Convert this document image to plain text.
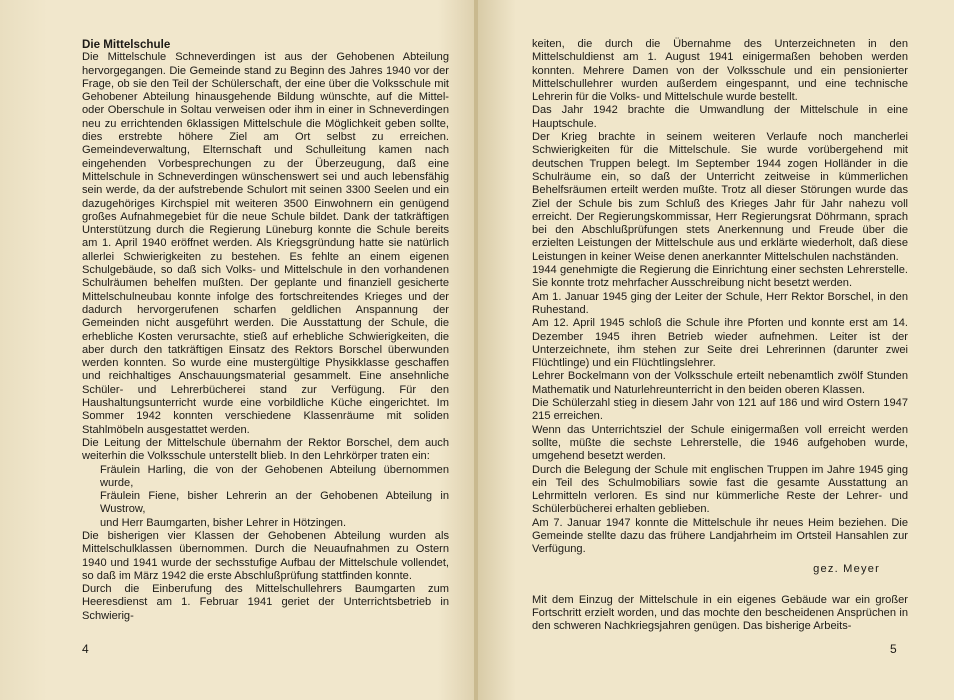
Die Mittelschule

Die Mittelschule Schneverdingen ist aus der Gehobenen Abteilung hervorgegangen. Die Gemeinde stand zu Beginn des Jahres 1940 vor der Frage, ob sie den Teil der Schülerschaft, der eine über die Volksschule mit Gehobener Abteilung hinausgehende Bildung wünschte, auf die Mittel- oder Oberschule in Soltau verweisen oder ihm in einer in Schneverdingen neu zu errichtenden 6klassigen Mittelschule die Möglichkeit geben sollte, dies erstrebte höhere Ziel am Ort selbst zu erreichen. Gemeindeverwaltung, Elternschaft und Schulleitung kamen nach eingehenden Vorbesprechungen zu der Überzeugung, daß eine Mittelschule in Schneverdingen wünschenswert sei und auch lebensfähig sein werde, da der aufstrebende Schulort mit seinen 3300 Seelen und ein dazugehöriges Kirchspiel mit weiteren 3500 Einwohnern ein genügend großes Aufnahmegebiet für die neue Schule bildet. Dank der tatkräftigen Unterstützung durch die Regierung Lüneburg konnte die Schule bereits am 1. April 1940 eröffnet werden. Als Kriegsgründung hatte sie natürlich allerlei Schwierigkeiten zu bestehen. Es fehlte an einem eigenen Schulgebäude, so daß sich Volks- und Mittelschule in den vorhandenen Schulräumen behelfen mußten. Der geplante und finanziell gesicherte Mittelschulneubau konnte infolge des fortschreitendes Krieges und der dadurch hervorgerufenen scharfen geldlichen Anspannung der Gemeinden nicht ausgeführt werden. Die Ausstattung der Schule, die erhebliche Kosten verursachte, stieß auf erhebliche Schwierigkeiten, die aber durch den tatkräftigen Einsatz des Rektors Borschel überwunden werden konnten. So wurde eine mustergültige Physikklasse geschaffen und reichhaltiges Anschauungsmaterial gesammelt. Eine ansehnliche Schüler- und Lehrerbücherei stand zur Verfügung. Für den Haushaltungsunterricht wurde eine vorbildliche Küche eingerichtet. Im Sommer 1942 konnten verschiedene Klassenräume mit soliden Stahlmöbeln ausgestattet werden.

Die Leitung der Mittelschule übernahm der Rektor Borschel, dem auch weiterhin die Volksschule unterstellt blieb. In den Lehrkörper traten ein:

Fräulein Harling, die von der Gehobenen Abteilung übernommen wurde,

Fräulein Fiene, bisher Lehrerin an der Gehobenen Abteilung in Wustrow,

und Herr Baumgarten, bisher Lehrer in Hötzingen.

Die bisherigen vier Klassen der Gehobenen Abteilung wurden als Mittelschulklassen übernommen. Durch die Neuaufnahmen zu Ostern 1940 und 1941 wurde der sechsstufige Aufbau der Mittelschule vollendet, so daß im März 1942 die erste Abschlußprüfung stattfinden konnte.

Durch die Einberufung des Mittelschullehrers Baumgarten zum Heeresdienst am 1. Februar 1941 geriet der Unterrichtsbetrieb in Schwierig-

4

keiten, die durch die Übernahme des Unterzeichneten in den Mittelschuldienst am 1. August 1941 einigermaßen behoben werden konnten. Mehrere Damen von der Volksschule und ein pensionierter Mittelschullehrer wurden außerdem eingespannt, und eine technische Lehrerin für die Volks- und Mittelschule wurde bestellt.

Das Jahr 1942 brachte die Umwandlung der Mittelschule in eine Hauptschule.

Der Krieg brachte in seinem weiteren Verlaufe noch mancherlei Schwierigkeiten für die Mittelschule. Sie wurde vorübergehend mit deutschen Truppen belegt. Im September 1944 zogen Holländer in die Schulräume ein, so daß der Unterricht zeitweise in kümmerlichen Behelfsräumen erteilt werden mußte. Trotz all dieser Störungen wurde das Ziel der Schule bis zum Schluß des Krieges Jahr für Jahr nahezu voll erreicht. Der Regierungskommissar, Herr Regierungsrat Döhrmann, sprach bei den Abschlußprüfungen stets Anerkennung und Freude über die erzielten Leistungen der Mittelschule aus und erklärte wiederholt, daß diese Leistungen in keiner Weise denen anerkannter Mittelschulen nachständen.

1944 genehmigte die Regierung die Einrichtung einer sechsten Lehrerstelle. Sie konnte trotz mehrfacher Ausschreibung nicht besetzt werden.

Am 1. Januar 1945 ging der Leiter der Schule, Herr Rektor Borschel, in den Ruhestand.

Am 12. April 1945 schloß die Schule ihre Pforten und konnte erst am 14. Dezember 1945 ihren Betrieb wieder aufnehmen. Leiter ist der Unterzeichnete, ihm stehen zur Seite drei Lehrerinnen (darunter zwei Flüchtlinge) und ein Flüchtlingslehrer.

Lehrer Bockelmann von der Volksschule erteilt nebenamtlich zwölf Stunden Mathematik und Naturlehreunterricht in den beiden oberen Klassen.

Die Schülerzahl stieg in diesem Jahr von 121 auf 186 und wird Ostern 1947 215 erreichen.

Wenn das Unterrichtsziel der Schule einigermaßen voll erreicht werden sollte, müßte die sechste Lehrerstelle, die 1946 aufgehoben wurde, umgehend besetzt werden.

Durch die Belegung der Schule mit englischen Truppen im Jahre 1945 ging ein Teil des Schulmobiliars sowie fast die gesamte Ausstattung an Lehrmitteln verloren. Es sind nur kümmerliche Reste der Lehrer- und Schülerbücherei erhalten geblieben.

Am 7. Januar 1947 konnte die Mittelschule ihr neues Heim beziehen. Die Gemeinde stellte dazu das frühere Landjahrheim im Ortsteil Hansahlen zur Verfügung.

gez. Meyer

Mit dem Einzug der Mittelschule in ein eigenes Gebäude war ein großer Fortschritt erzielt worden, und das mochte den bescheidenen Ansprüchen in den schweren Nachkriegsjahren genügen. Das bisherige Arbeits-

5
